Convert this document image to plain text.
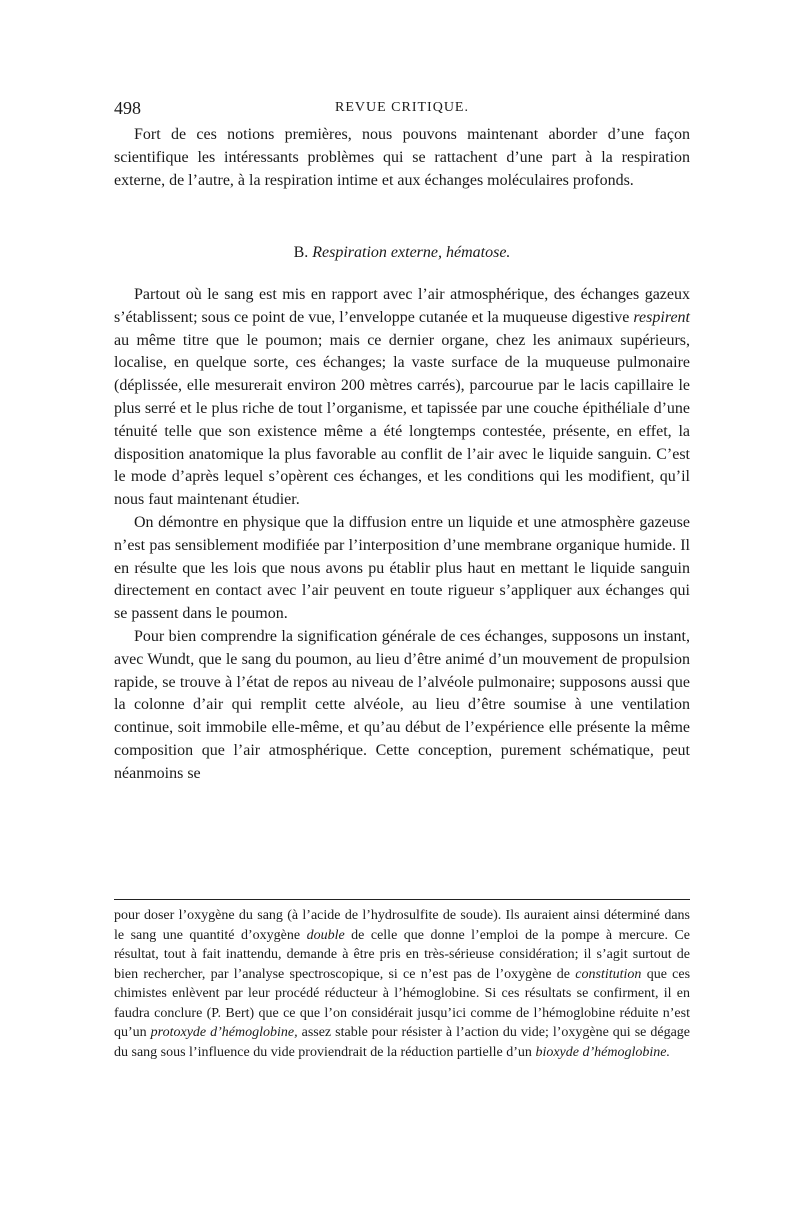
498	REVUE CRITIQUE.

Fort de ces notions premières, nous pouvons maintenant aborder d’une façon scientifique les intéressants problèmes qui se rattachent d’une part à la respiration externe, de l’autre, à la respiration intime et aux échanges moléculaires profonds.

B. Respiration externe, hématose.

Partout où le sang est mis en rapport avec l’air atmosphérique, des échanges gazeux s’établissent; sous ce point de vue, l’enveloppe cutanée et la muqueuse digestive respirent au même titre que le poumon; mais ce dernier organe, chez les animaux supérieurs, localise, en quelque sorte, ces échanges; la vaste surface de la muqueuse pulmonaire (déplissée, elle mesurerait environ 200 mètres carrés), parcourue par le lacis capillaire le plus serré et le plus riche de tout l’organisme, et tapissée par une couche épithéliale d’une ténuité telle que son existence même a été longtemps contestée, présente, en effet, la disposition anatomique la plus favorable au conflit de l’air avec le liquide sanguin. C’est le mode d’après lequel s’opèrent ces échanges, et les conditions qui les modifient, qu’il nous faut maintenant étudier.

On démontre en physique que la diffusion entre un liquide et une atmosphère gazeuse n’est pas sensiblement modifiée par l’interposition d’une membrane organique humide. Il en résulte que les lois que nous avons pu établir plus haut en mettant le liquide sanguin directement en contact avec l’air peuvent en toute rigueur s’appliquer aux échanges qui se passent dans le poumon.

Pour bien comprendre la signification générale de ces échanges, supposons un instant, avec Wundt, que le sang du poumon, au lieu d’être animé d’un mouvement de propulsion rapide, se trouve à l’état de repos au niveau de l’alvéole pulmonaire; supposons aussi que la colonne d’air qui remplit cette alvéole, au lieu d’être soumise à une ventilation continue, soit immobile elle-même, et qu’au début de l’expérience elle présente la même composition que l’air atmosphérique. Cette conception, purement schématique, peut néanmoins se

pour doser l’oxygène du sang (à l’acide de l’hydrosulfite de soude). Ils auraient ainsi déterminé dans le sang une quantité d’oxygène double de celle que donne l’emploi de la pompe à mercure. Ce résultat, tout à fait inattendu, demande à être pris en très-sérieuse considération; il s’agit surtout de bien rechercher, par l’analyse spectroscopique, si ce n’est pas de l’oxygène de constitution que ces chimistes enlèvent par leur procédé réducteur à l’hémoglobine. Si ces résultats se confirment, il en faudra conclure (P. Bert) que ce que l’on considérait jusqu’ici comme de l’hémoglobine réduite n’est qu’un protoxyde d’hémoglobine, assez stable pour résister à l’action du vide; l’oxygène qui se dégage du sang sous l’influence du vide proviendrait de la réduction partielle d’un bioxyde d’hémoglobine.
